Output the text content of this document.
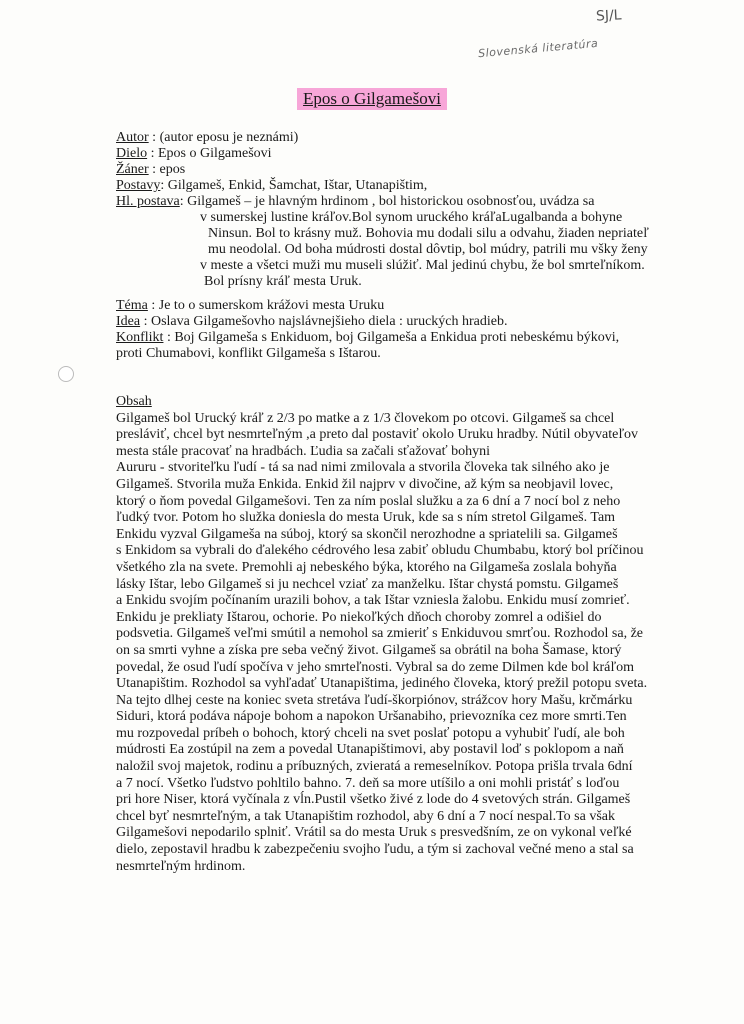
SJ/L
Slovenská literatúra
Epos o Gilgamešovi
Autor : (autor eposu je neznámi)
Dielo : Epos o Gilgamešovi
Žáner : epos
Postavy: Gilgameš, Enkid, Šamchat, Ištar, Utanapištim,
Hl. postava: Gilgameš – je hlavným hrdinom , bol historickou osobnosťou, uvádza sa
v sumerskej lustine kráľov.Bol synom uruckého kráľaLugalbanda a bohyne
Ninsun. Bol to krásny muž. Bohovia mu dodali silu a odvahu, žiaden nepriateľ
mu neodolal. Od boha múdrosti dostal dôvtip, bol múdry, patrili mu všky ženy
v meste a všetci muži mu museli slúžiť. Mal jedinú chybu, že bol smrteľníkom.
Bol prísny kráľ mesta Uruk.
Téma : Je to o sumerskom krážovi mesta Uruku
Idea : Oslava Gilgamešovho najslávnejšieho diela : uruckých hradieb.
Konflikt : Boj Gilgameša s Enkiduom, boj Gilgameša a Enkidua proti nebeskému býkovi,
proti Chumabovi, konflikt Gilgameša s Ištarou.
Obsah
Gilgameš bol Urucký kráľ z 2/3 po matke a z 1/3 človekom po otcovi. Gilgameš sa chcel
presláviť, chcel byt nesmrteľným ,a preto dal postaviť okolo Uruku hradby. Nútil obyvateľov
mesta stále pracovať na hradbách. Ľudia sa začali sťažovať bohyni
Aururu - stvoriteľku ľudí - tá sa nad nimi zmilovala a stvorila človeka tak silného ako je
Gilgameš. Stvorila muža Enkida. Enkid žil najprv v divočine, až kým sa neobjavil lovec,
ktorý o ňom povedal Gilgamešovi. Ten za ním poslal služku a za 6 dní a 7 nocí bol z neho
ľudký tvor. Potom ho služka doniesla do mesta Uruk, kde sa s ním stretol Gilgameš. Tam
Enkidu vyzval Gilgameša na súboj, ktorý sa skončil nerozhodne a spriatelili sa. Gilgameš
s Enkidom sa vybrali do ďalekého cédrového lesa zabiť obludu Chumbabu, ktorý bol príčinou
všetkého zla na svete. Premohli aj nebeského býka, ktorého na Gilgameša zoslala bohyňa
lásky Ištar, lebo Gilgameš si ju nechcel vziať za manželku. Ištar chystá pomstu. Gilgameš
a Enkidu svojím počínaním urazili bohov, a tak Ištar vzniesla žalobu. Enkidu musí zomrieť.
Enkidu je prekliaty Ištarou, ochorie. Po niekoľkých dňoch choroby zomrel a odišiel do
podsvetia. Gilgameš veľmi smútil a nemohol sa zmieriť s Enkiduvou smrťou. Rozhodol sa, že
on sa smrti vyhne a získa pre seba večný život. Gilgameš sa obrátil na boha Šamase, ktorý
povedal, že osud ľudí spočíva v jeho smrteľnosti. Vybral sa do zeme Dilmen kde bol kráľom
Utanapištim. Rozhodol sa vyhľadať Utanapištima, jediného človeka, ktorý prežil potopu sveta.
Na tejto dlhej ceste na koniec sveta stretáva ľudí-škorpiónov, strážcov hory Mašu, krčmárku
Siduri, ktorá podáva nápoje bohom a napokon Uršanabiho, prievozníka cez more smrti.Ten
mu rozpovedal príbeh o bohoch, ktorý chceli na svet poslať potopu a vyhubiť ľudí, ale boh
múdrosti Ea zostúpil na zem a povedal Utanapištimovi, aby postavil loď s poklopom a naň
naložil svoj majetok, rodinu a príbuzných, zvieratá a remeselníkov. Potopa prišla trvala 6dní
a 7 nocí. Všetko ľudstvo pohltilo bahno. 7. deň sa more utíšilo a oni mohli pristáť s loďou
pri hore Niser, ktorá vyčínala z vĺn.Pustil všetko živé z lode do 4 svetových strán. Gilgameš
chcel byť nesmrteľným, a tak Utanapištim rozhodol, aby 6 dní a 7 nocí nespal.To sa však
Gilgamešovi nepodarilo splniť. Vrátil sa do mesta Uruk s presvedšním, ze on vykonal veľké
dielo, zepostavil hradbu k zabezpečeniu svojho ľudu, a tým si zachoval večné meno a stal sa
nesmrteľným hrdinom.
